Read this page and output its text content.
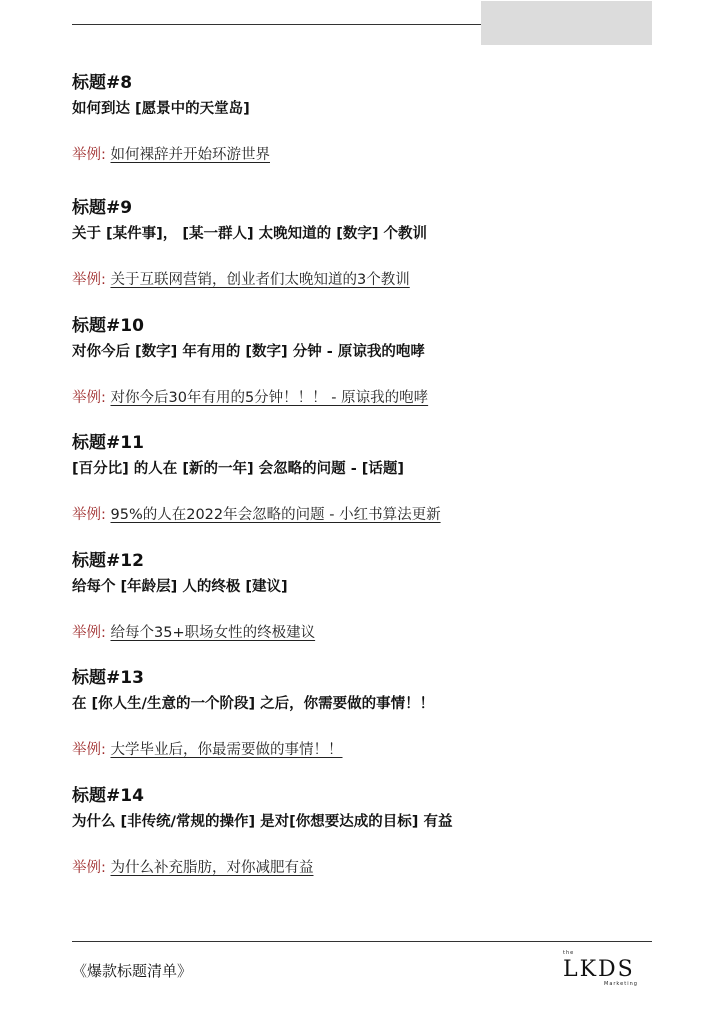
标题#8
如何到达 [愿景中的天堂岛]
举例: 如何裸辞并开始环游世界
标题#9
关于 [某件事]， [某一群人] 太晚知道的 [数字] 个教训
举例: 关于互联网营销，创业者们太晚知道的3个教训
标题#10
对你今后 [数字] 年有用的 [数字] 分钟 - 原谅我的咆哮
举例: 对你今后30年有用的5分钟！！！ - 原谅我的咆哮
标题#11
[百分比] 的人在 [新的一年] 会忽略的问题 - [话题]
举例: 95%的人在2022年会忽略的问题 - 小红书算法更新
标题#12
给每个 [年龄层] 人的终极 [建议]
举例: 给每个35+职场女性的终极建议
标题#13
在 [你人生/生意的一个阶段] 之后，你需要做的事情！！
举例: 大学毕业后，你最需要做的事情！！
标题#14
为什么 [非传统/常规的操作] 是对[你想要达成的目标] 有益
举例: 为什么补充脂肪，对你减肥有益
《爆款标题清单》
the
LKDS
Marketing
